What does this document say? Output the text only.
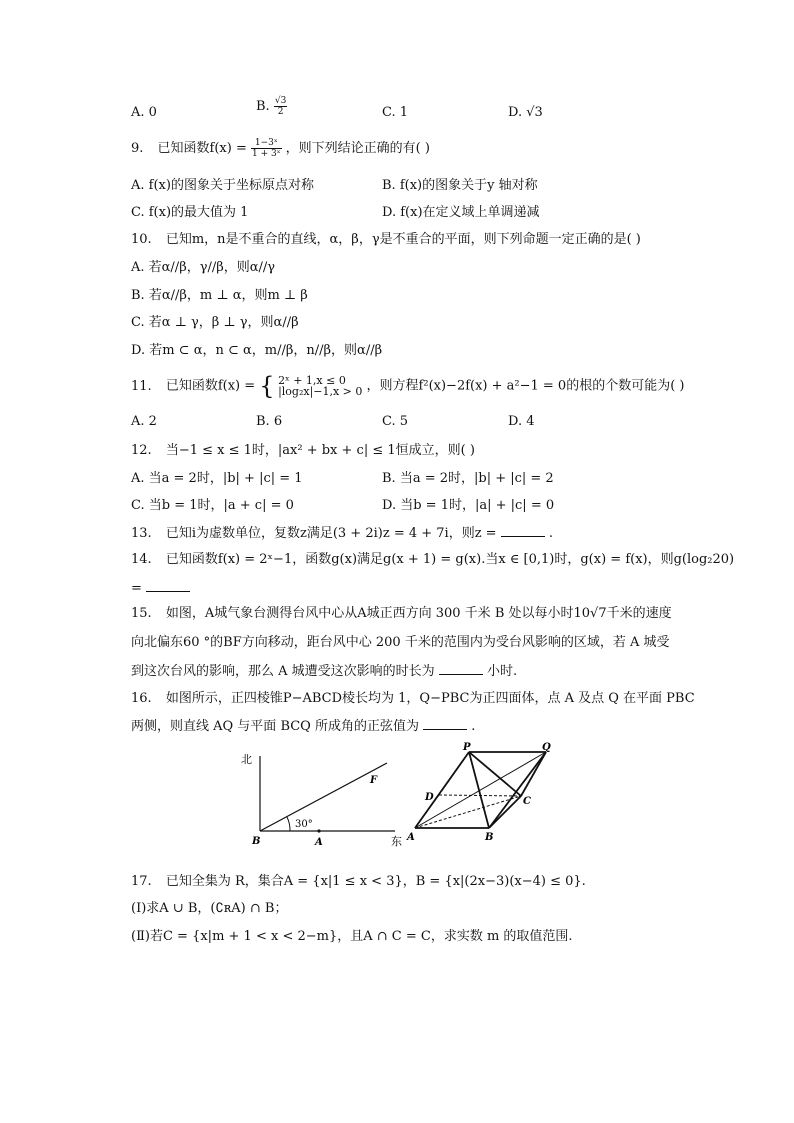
A. 0	B. $\frac{√3}{2}$	C. 1	D. √3
9. 已知函数$f(x) = \frac{\text{1−3ˣ}}{\text{1 + 3ˣ}}$ ，则下列结论正确的有( )
A. f(x)的图象关于坐标原点对称	B. f(x)的图象关于y 轴对称
C. f(x)的最大值为 1	D. f(x)在定义域上单调递减
10. 已知m，n是不重合的直线，α，β，γ是不重合的平面，则下列命题一定正确的是( )
A. 若α//β，γ//β，则α//γ
B. 若α//β，m ⊥ α，则m ⊥ β
C. 若α ⊥ γ，β ⊥ γ，则α//β
D. 若m ⊂ α，n ⊂ α，m//β，n//β，则α//β
11. 已知函数f(x) = { 2ˣ + 1,x ≤ 0
|log₂x|−1,x > 0 ，则方程f²(x)−2f(x) + a²−1 = 0的根的个数可能为( )
A. 2	B. 6	C. 5	D. 4
12. 当−1 ≤ x ≤ 1时，|ax² + bx + c| ≤ 1恒成立，则( )
A. 当a = 2时，|b| + |c| = 1	B. 当a = 2时，|b| + |c| = 2
C. 当b = 1时，|a + c| = 0	D. 当b = 1时，|a| + |c| = 0
13. 已知i为虚数单位，复数z满足(3 + 2i)z = 4 + 7i，则z =	.
14. 已知函数f(x) = 2ˣ−1，函数g(x)满足g(x + 1) = g(x).当x ∈ [0,1)时，g(x) = f(x)，则g(log₂20)
=
15. 如图，A城气象台测得台风中心从A城正西方向 300 千米 B 处以每小时10√7千米的速度
向北偏东60 °的BF方向移动，距台风中心 200 千米的范围内为受台风影响的区域，若 A 城受
到这次台风的影响，那么 A 城遭受这次影响的时长为	小时.
16. 如图所示，正四棱锥P−ABCD棱长均为 1，Q−PBC为正四面体，点 A 及点 Q 在平面 PBC
两侧，则直线 AQ 与平面 BCQ 所成角的正弦值为	.
北
东
B	A
F
30°
P	Q
D	C
A	B
17. 已知全集为 R，集合A = {x|1 ≤ x < 3}，B = {x|(2x−3)(x−4) ≤ 0}.
(Ⅰ)求A ∪ B，(∁ʀA) ∩ B；
(Ⅱ)若C = {x|m + 1 < x < 2−m}，且A ∩ C = C，求实数 m 的取值范围.
